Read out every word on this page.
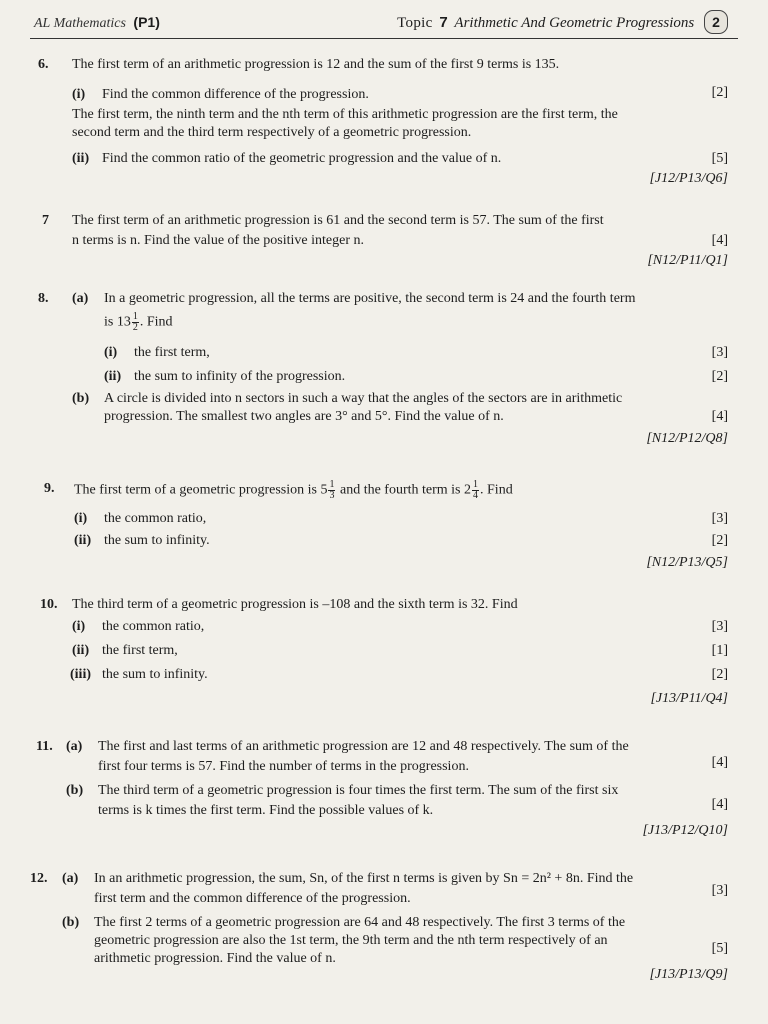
AL Mathematics (P1)	Topic 7 Arithmetic And Geometric Progressions 2
6. The first term of an arithmetic progression is 12 and the sum of the first 9 terms is 135.
(i) Find the common difference of the progression.	[2]
The first term, the ninth term and the nth term of this arithmetic progression are the first term, the
second term and the third term respectively of a geometric progression.
(ii) Find the common ratio of the geometric progression and the value of n.	[5]
[J12/P13/Q6]
7 The first term of an arithmetic progression is 61 and the second term is 57. The sum of the first
n terms is n. Find the value of the positive integer n.	[4]
[N12/P11/Q1]
8. (a) In a geometric progression, all the terms are positive, the second term is 24 and the fourth term
is $13 \frac{1}{2}$ . Find
(i) the first term,	[3]
(ii) the sum to infinity of the progression.	[2]
(b) A circle is divided into n sectors in such a way that the angles of the sectors are in arithmetic
progression. The smallest two angles are 3° and 5°. Find the value of n.	[4]
[N12/P12/Q8]
9. The first term of a geometric progression is $5 \frac{1}{3}$ and the fourth term is $2 \frac{1}{4}$ . Find
(i) the common ratio,	[3]
(ii) the sum to infinity.	[2]
[N12/P13/Q5]
10. The third term of a geometric progression is –108 and the sixth term is 32. Find
(i) the common ratio,	[3]
(ii) the first term,	[1]
(iii) the sum to infinity.	[2]
[J13/P11/Q4]
11. (a) The first and last terms of an arithmetic progression are 12 and 48 respectively. The sum of the
first four terms is 57. Find the number of terms in the progression.	[4]
(b) The third term of a geometric progression is four times the first term. The sum of the first six
terms is k times the first term. Find the possible values of k.	[4]
[J13/P12/Q10]
12. (a) In an arithmetic progression, the sum, Sn, of the first n terms is given by Sn = 2n² + 8n. Find the
first term and the common difference of the progression.
[3]
(b) The first 2 terms of a geometric progression are 64 and 48 respectively. The first 3 terms of the
geometric progression are also the 1st term, the 9th term and the nth term respectively of an
arithmetic progression. Find the value of n.
[5]
[J13/P13/Q9]
